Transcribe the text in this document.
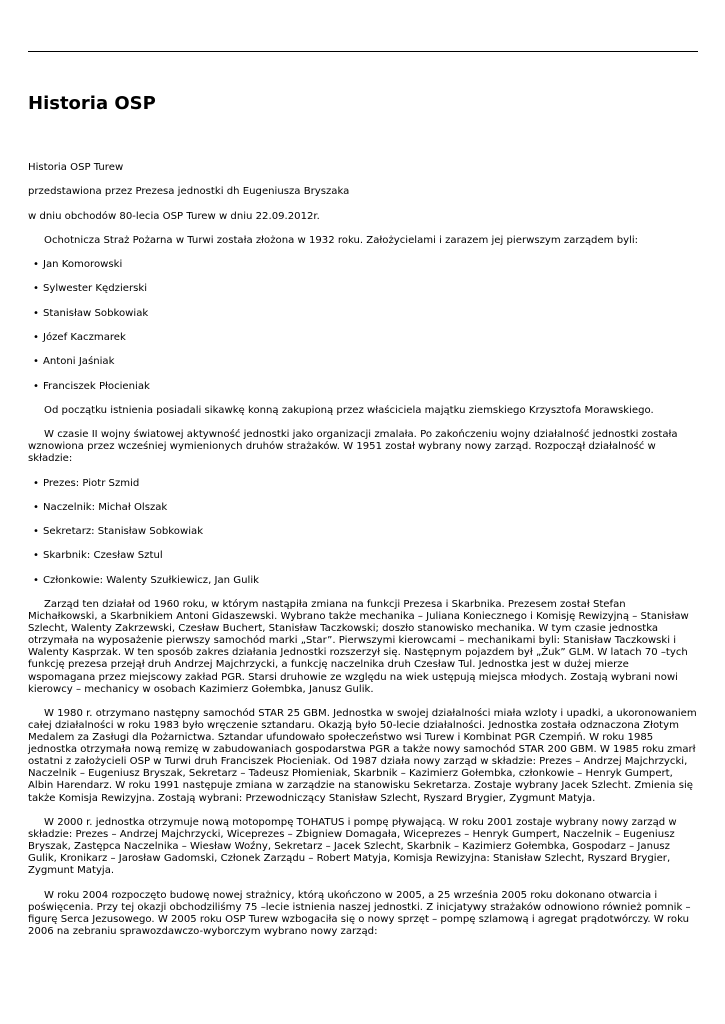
Historia OSP

Historia OSP Turew

przedstawiona przez Prezesa jednostki dh Eugeniusza Bryszaka

w dniu obchodów 80-lecia OSP Turew w dniu 22.09.2012r.

Ochotnicza Straż Pożarna w Turwi została złożona w 1932 roku. Założycielami i zarazem jej pierwszym zarządem byli:

• Jan Komorowski
• Sylwester Kędzierski
• Stanisław Sobkowiak
• Józef Kaczmarek
• Antoni Jaśniak
• Franciszek Płocieniak

Od początku istnienia posiadali sikawkę konną zakupioną przez właściciela majątku ziemskiego Krzysztofa Morawskiego.

W czasie II wojny światowej aktywność jednostki jako organizacji zmalała. Po zakończeniu wojny działalność jednostki została wznowiona przez wcześniej wymienionych druhów strażaków. W 1951 został wybrany nowy zarząd. Rozpoczął działalność w składzie:

• Prezes: Piotr Szmid
• Naczelnik: Michał Olszak
• Sekretarz: Stanisław Sobkowiak
• Skarbnik: Czesław Sztul
• Członkowie: Walenty Szułkiewicz, Jan Gulik

Zarząd ten działał od 1960 roku, w którym nastąpiła zmiana na funkcji Prezesa i Skarbnika. Prezesem został Stefan Michałkowski, a Skarbnikiem Antoni Gidaszewski. Wybrano także mechanika – Juliana Koniecznego i Komisję Rewizyjną – Stanisław Szlecht, Walenty Zakrzewski, Czesław Buchert, Stanisław Taczkowski; doszło stanowisko mechanika. W tym czasie jednostka otrzymała na wyposażenie pierwszy samochód marki „Star”. Pierwszymi kierowcami – mechanikami byli: Stanisław Taczkowski i Walenty Kasprzak. W ten sposób zakres działania Jednostki rozszerzył się. Następnym pojazdem był „Żuk” GLM. W latach 70 –tych funkcję prezesa przejął druh Andrzej Majchrzycki, a funkcję naczelnika druh Czesław Tul. Jednostka jest w dużej mierze wspomagana przez miejscowy zakład PGR. Starsi druhowie ze względu na wiek ustępują miejsca młodych. Zostają wybrani nowi kierowcy – mechanicy w osobach Kazimierz Gołembka, Janusz Gulik.

W 1980 r. otrzymano następny samochód STAR 25 GBM. Jednostka w swojej działalności miała wzloty i upadki, a ukoronowaniem całej działalności w roku 1983 było wręczenie sztandaru. Okazją było 50-lecie działalności. Jednostka została odznaczona Złotym Medalem za Zasługi dla Pożarnictwa. Sztandar ufundowało społeczeństwo wsi Turew i Kombinat PGR Czempiń. W roku 1985 jednostka otrzymała nową remizę w zabudowaniach gospodarstwa PGR a także nowy samochód STAR 200 GBM. W 1985 roku zmarł ostatni z założycieli OSP w Turwi druh Franciszek Płocieniak. Od 1987 działa nowy zarząd w składzie: Prezes – Andrzej Majchrzycki, Naczelnik – Eugeniusz Bryszak, Sekretarz – Tadeusz Płomieniak, Skarbnik – Kazimierz Gołembka, członkowie – Henryk Gumpert, Albin Harendarz. W roku 1991 następuje zmiana w zarządzie na stanowisku Sekretarza. Zostaje wybrany Jacek Szlecht. Zmienia się także Komisja Rewizyjna. Zostają wybrani: Przewodniczący Stanisław Szlecht, Ryszard Brygier, Zygmunt Matyja.

W 2000 r. jednostka otrzymuje nową motopompę TOHATUS i pompę pływającą. W roku 2001 zostaje wybrany nowy zarząd w składzie: Prezes – Andrzej Majchrzycki, Wiceprezes – Zbigniew Domagała, Wiceprezes – Henryk Gumpert, Naczelnik – Eugeniusz Bryszak, Zastępca Naczelnika – Wiesław Woźny, Sekretarz – Jacek Szlecht, Skarbnik – Kazimierz Gołembka, Gospodarz – Janusz Gulik, Kronikarz – Jarosław Gadomski, Członek Zarządu – Robert Matyja, Komisja Rewizyjna: Stanisław Szlecht, Ryszard Brygier, Zygmunt Matyja.

W roku 2004 rozpoczęto budowę nowej strażnicy, którą ukończono w 2005, a 25 września 2005 roku dokonano otwarcia i poświęcenia. Przy tej okazji obchodziliśmy 75 –lecie istnienia naszej jednostki. Z inicjatywy strażaków odnowiono również pomnik – figurę Serca Jezusowego. W 2005 roku OSP Turew wzbogaciła się o nowy sprzęt – pompę szlamową i agregat prądotwórczy. W roku 2006 na zebraniu sprawozdawczo-wyborczym wybrano nowy zarząd:
